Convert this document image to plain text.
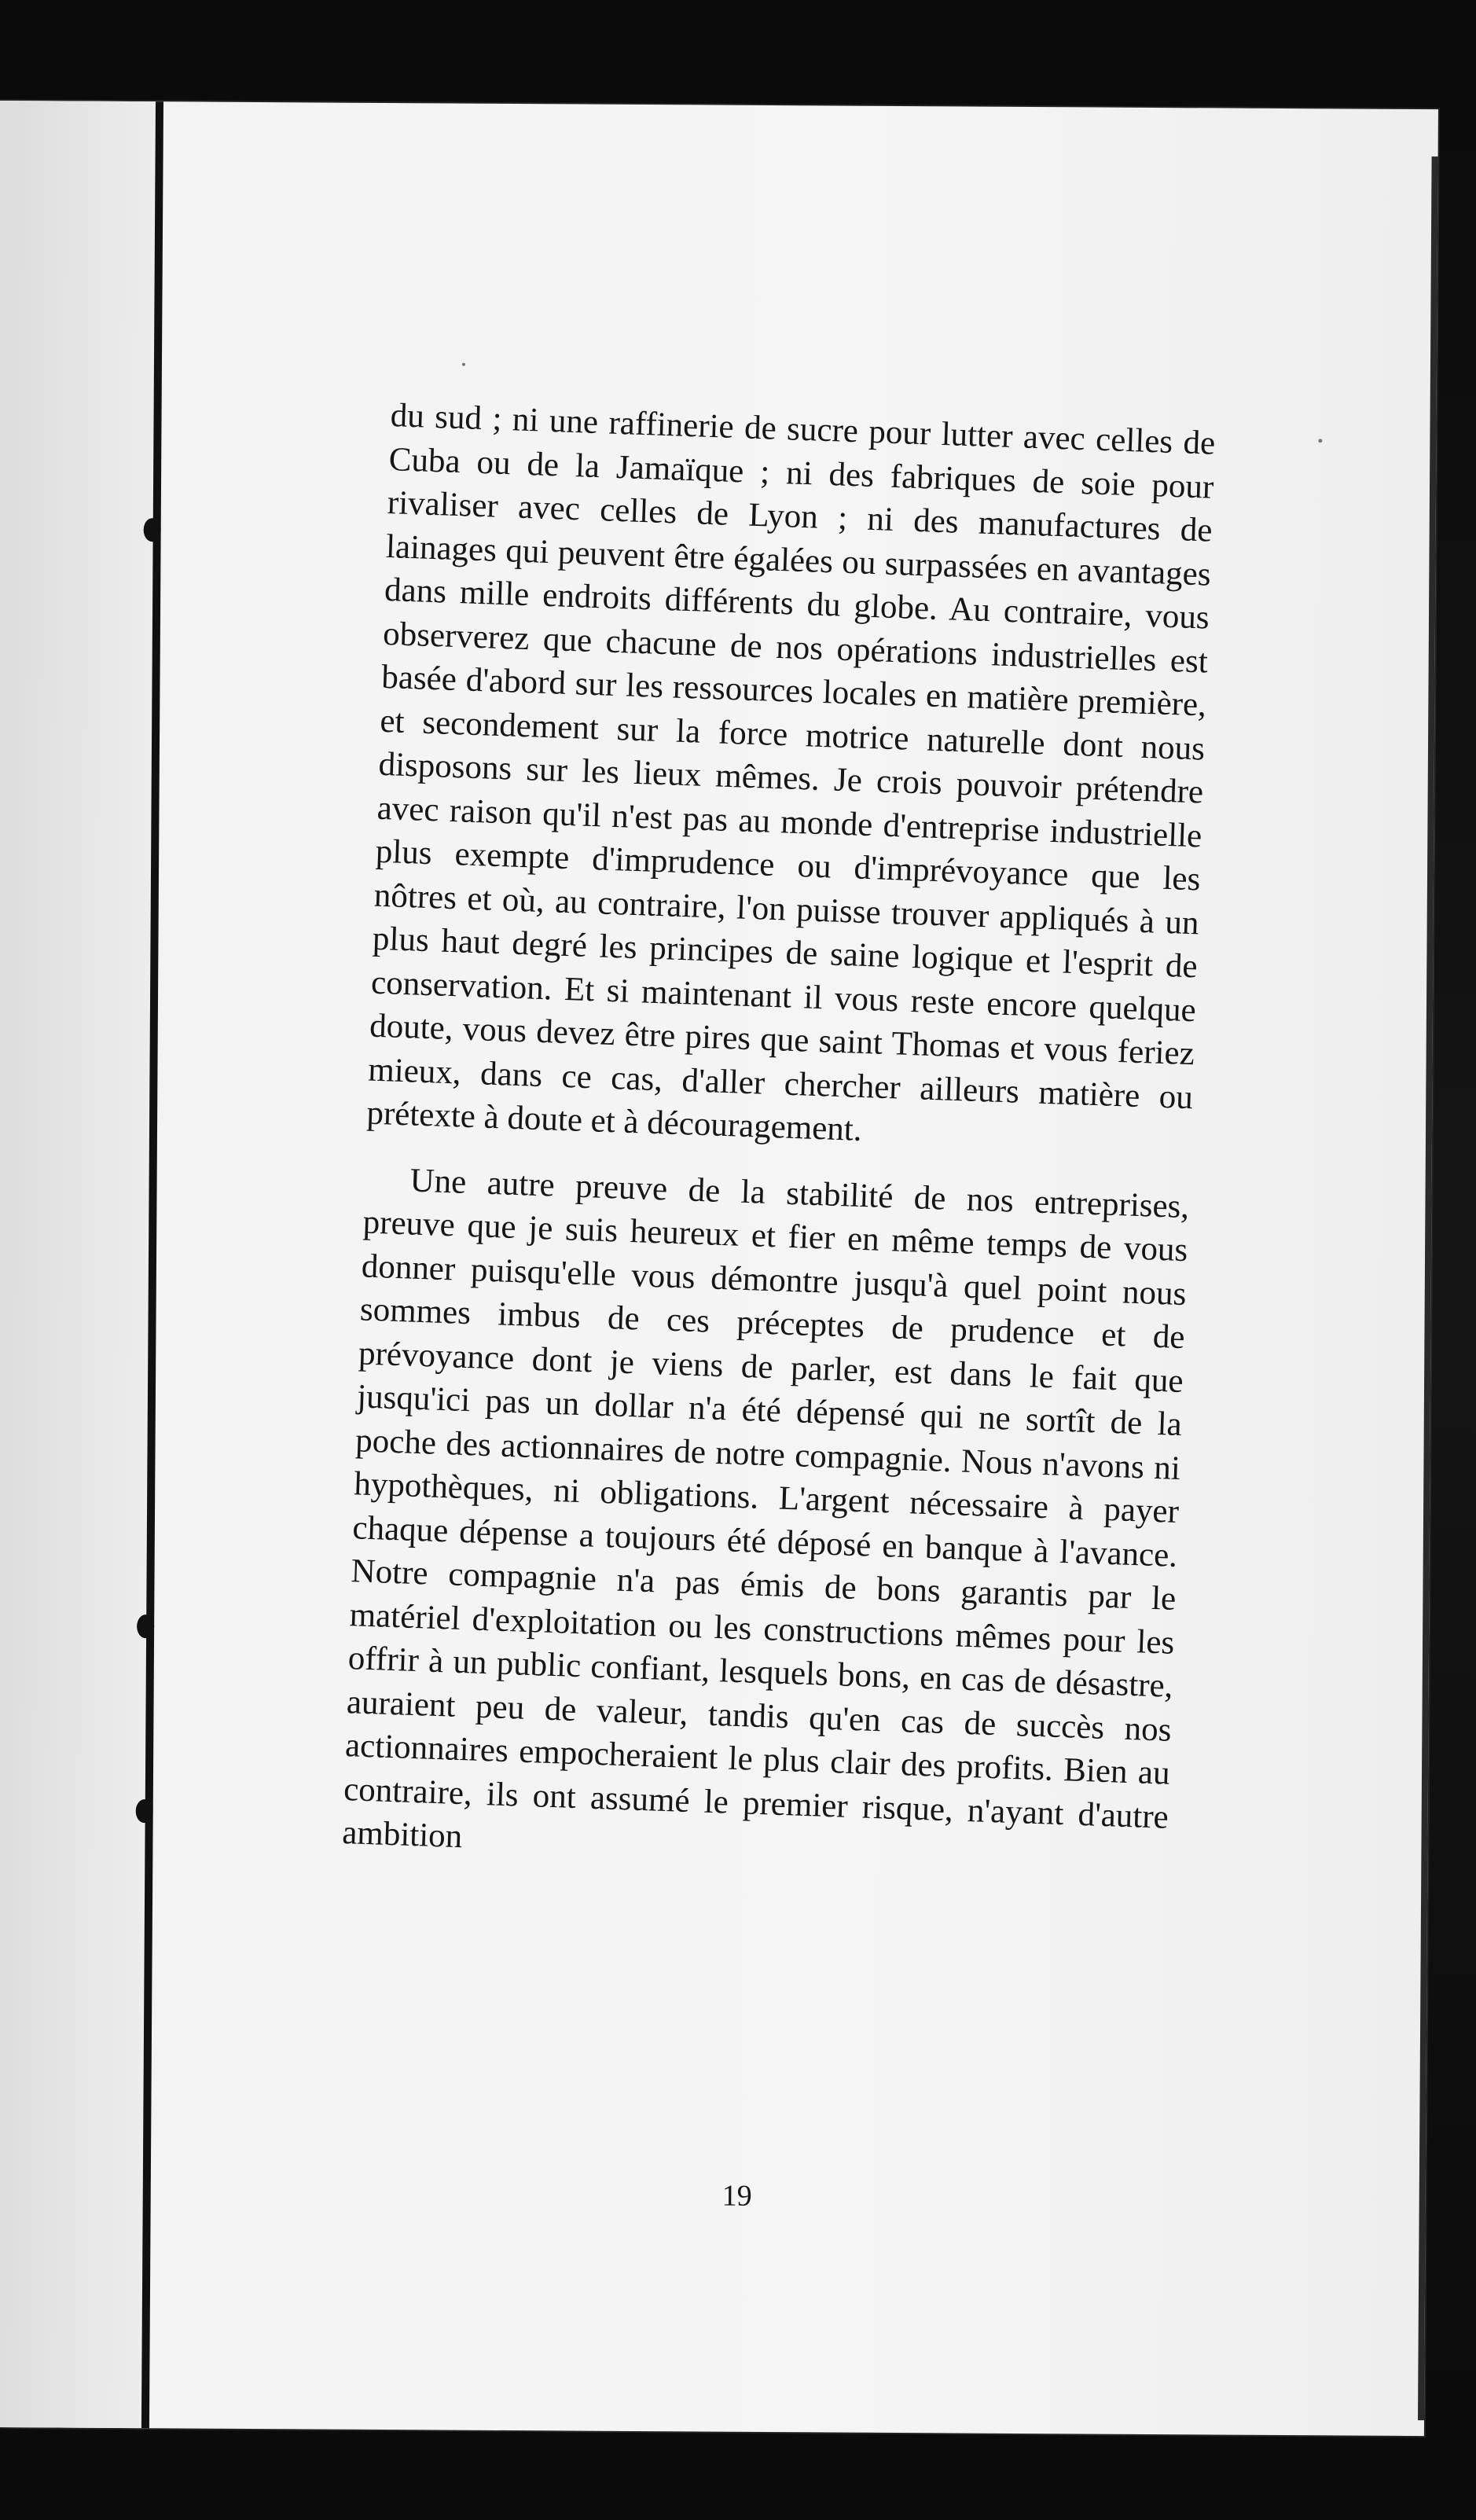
du sud ; ni une raffinerie de sucre pour lutter avec celles de Cuba ou de la Jamaïque ; ni des fabriques de soie pour rivaliser avec celles de Lyon ; ni des manufactures de lainages qui peuvent être égalées ou surpassées en avantages dans mille endroits différents du globe. Au contraire, vous observerez que chacune de nos opérations industrielles est basée d'abord sur les ressources locales en matière première, et secondement sur la force motrice naturelle dont nous disposons sur les lieux mêmes. Je crois pouvoir prétendre avec raison qu'il n'est pas au monde d'entreprise industrielle plus exempte d'imprudence ou d'imprévoyance que les nôtres et où, au contraire, l'on puisse trouver appliqués à un plus haut degré les principes de saine logique et l'esprit de conservation. Et si maintenant il vous reste encore quelque doute, vous devez être pires que saint Thomas et vous feriez mieux, dans ce cas, d'aller chercher ailleurs matière ou prétexte à doute et à découragement.

Une autre preuve de la stabilité de nos entreprises, preuve que je suis heureux et fier en même temps de vous donner puisqu'elle vous démontre jusqu'à quel point nous sommes imbus de ces préceptes de prudence et de prévoyance dont je viens de parler, est dans le fait que jusqu'ici pas un dollar n'a été dépensé qui ne sortît de la poche des actionnaires de notre compagnie. Nous n'avons ni hypothèques, ni obligations. L'argent nécessaire à payer chaque dépense a toujours été déposé en banque à l'avance. Notre compagnie n'a pas émis de bons garantis par le matériel d'exploitation ou les constructions mêmes pour les offrir à un public confiant, lesquels bons, en cas de désastre, auraient peu de valeur, tandis qu'en cas de succès nos actionnaires empocheraient le plus clair des profits. Bien au contraire, ils ont assumé le premier risque, n'ayant d'autre ambition

19
